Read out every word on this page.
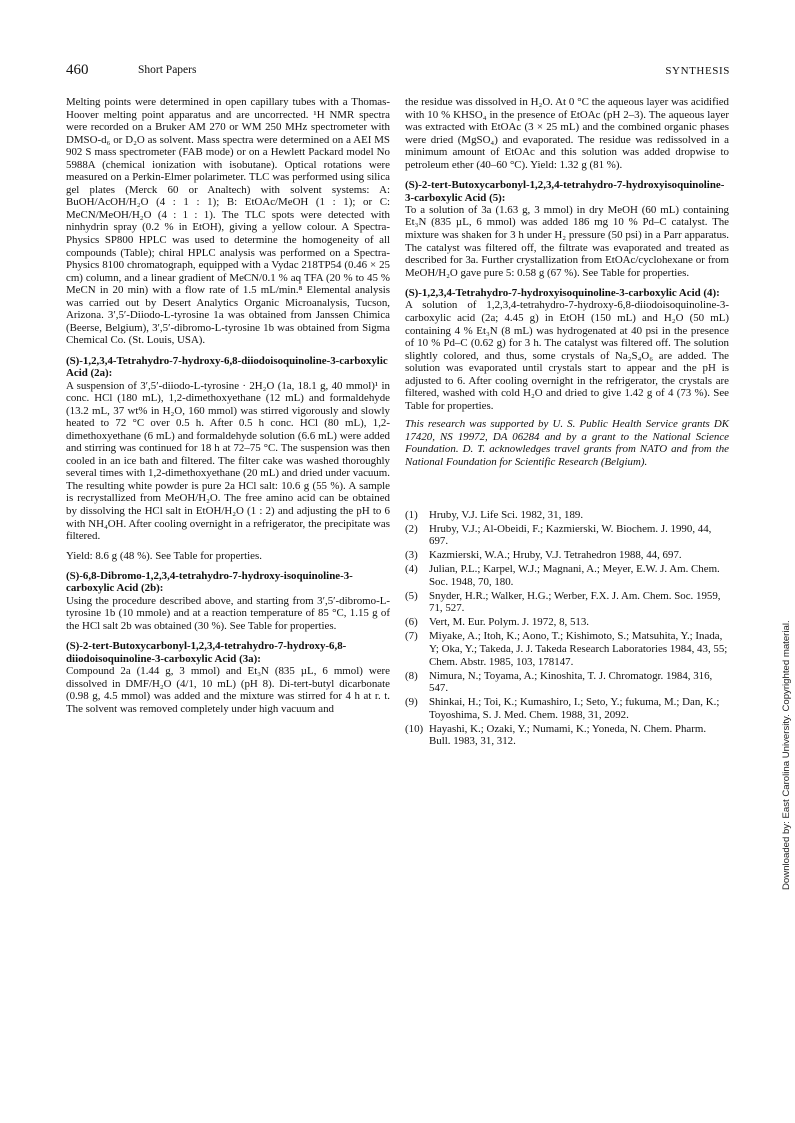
460	Short Papers	SYNTHESIS

Melting points were determined in open capillary tubes with a Thomas-Hoover melting point apparatus and are uncorrected. ¹H NMR spectra were recorded on a Bruker AM 270 or WM 250 MHz spectrometer with DMSO-d₆ or D₂O as solvent. Mass spectra were determined on a AEI MS 902 S mass spectrometer (FAB mode) or on a Hewlett Packard model No 5988A (chemical ionization with isobutane). Optical rotations were measured on a Perkin-Elmer polarimeter. TLC was performed using silica gel plates (Merck 60 or Analtech) with solvent systems: A: BuOH/AcOH/H₂O (4 : 1 : 1); B: EtOAc/MeOH (1 : 1); or C: MeCN/MeOH/H₂O (4 : 1 : 1). The TLC spots were detected with ninhydrin spray (0.2 % in EtOH), giving a yellow colour. A Spectra-Physics SP800 HPLC was used to determine the homogeneity of all compounds (Table); chiral HPLC analysis was performed on a Spectra-Physics 8100 chromatograph, equipped with a Vydac 218TP54 (0.46 × 25 cm) column, and a linear gradient of MeCN/0.1 % aq TFA (20 % to 45 % MeCN in 20 min) with a flow rate of 1.5 mL/min.⁸ Elemental analysis was carried out by Desert Analytics Organic Microanalysis, Tucson, Arizona. 3′,5′-Diiodo-L-tyrosine 1a was obtained from Janssen Chimica (Beerse, Belgium), 3′,5′-dibromo-L-tyrosine 1b was obtained from Sigma Chemical Co. (St. Louis, USA).

(S)-1,2,3,4-Tetrahydro-7-hydroxy-6,8-diiodoisoquinoline-3-carboxylic Acid (2a):

A suspension of 3′,5′-diiodo-L-tyrosine · 2H₂O (1a, 18.1 g, 40 mmol)¹ in conc. HCl (180 mL), 1,2-dimethoxyethane (12 mL) and formaldehyde (13.2 mL, 37 wt% in H₂O, 160 mmol) was stirred vigorously and slowly heated to 72 °C over 0.5 h. After 0.5 h conc. HCl (80 mL), 1,2-dimethoxyethane (6 mL) and formaldehyde solution (6.6 mL) were added and stirring was continued for 18 h at 72–75 °C. The suspension was then cooled in an ice bath and filtered. The filter cake was washed thoroughly several times with 1,2-dimethoxyethane (20 mL) and dried under vacuum. The resulting white powder is pure 2a HCl salt: 10.6 g (55 %). A sample is recrystallized from MeOH/H₂O. The free amino acid can be obtained by dissolving the HCl salt in EtOH/H₂O (1 : 2) and adjusting the pH to 6 with NH₄OH. After cooling overnight in a refrigerator, the precipitate was filtered.

Yield: 8.6 g (48 %). See Table for properties.

(S)-6,8-Dibromo-1,2,3,4-tetrahydro-7-hydroxy-isoquinoline-3-carboxylic Acid (2b):

Using the procedure described above, and starting from 3′,5′-dibromo-L-tyrosine 1b (10 mmole) and at a reaction temperature of 85 °C, 1.15 g of the HCl salt 2b was obtained (30 %). See Table for properties.

(S)-2-tert-Butoxycarbonyl-1,2,3,4-tetrahydro-7-hydroxy-6,8-diiodoisoquinoline-3-carboxylic Acid (3a):

Compound 2a (1.44 g, 3 mmol) and Et₃N (835 µL, 6 mmol) were dissolved in DMF/H₂O (4/1, 10 mL) (pH 8). Di-tert-butyl dicarbonate (0.98 g, 4.5 mmol) was added and the mixture was stirred for 4 h at r. t. The solvent was removed completely under high vacuum and

the residue was dissolved in H₂O. At 0 °C the aqueous layer was acidified with 10 % KHSO₄ in the presence of EtOAc (pH 2–3). The aqueous layer was extracted with EtOAc (3 × 25 mL) and the combined organic phases were dried (MgSO₄) and evaporated. The residue was redissolved in a minimum amount of EtOAc and this solution was added dropwise to petroleum ether (40–60 °C). Yield: 1.32 g (81 %).

(S)-2-tert-Butoxycarbonyl-1,2,3,4-tetrahydro-7-hydroxyisoquinoline-3-carboxylic Acid (5):

To a solution of 3a (1.63 g, 3 mmol) in dry MeOH (60 mL) containing Et₃N (835 µL, 6 mmol) was added 186 mg 10 % Pd–C catalyst. The mixture was shaken for 3 h under H₂ pressure (50 psi) in a Parr apparatus. The catalyst was filtered off, the filtrate was evaporated and treated as described for 3a. Further crystallization from EtOAc/cyclohexane or from MeOH/H₂O gave pure 5: 0.58 g (67 %). See Table for properties.

(S)-1,2,3,4-Tetrahydro-7-hydroxyisoquinoline-3-carboxylic Acid (4):

A solution of 1,2,3,4-tetrahydro-7-hydroxy-6,8-diiodoisoquinoline-3-carboxylic acid (2a; 4.45 g) in EtOH (150 mL) and H₂O (50 mL) containing 4 % Et₃N (8 mL) was hydrogenated at 40 psi in the presence of 10 % Pd–C (0.62 g) for 3 h. The catalyst was filtered off. The solution slightly colored, and thus, some crystals of Na₂S₄O₆ are added. The solution was evaporated until crystals start to appear and the pH is adjusted to 6. After cooling overnight in the refrigerator, the crystals are filtered, washed with cold H₂O and dried to give 1.42 g of 4 (73 %). See Table for properties.

This research was supported by U. S. Public Health Service grants DK 17420, NS 19972, DA 06284 and by a grant to the National Science Foundation. D. T. acknowledges travel grants from NATO and from the National Foundation for Scientific Research (Belgium).

(1) Hruby, V.J. Life Sci. 1982, 31, 189.
(2) Hruby, V.J.; Al-Obeidi, F.; Kazmierski, W. Biochem. J. 1990, 44, 697.
(3) Kazmierski, W.A.; Hruby, V.J. Tetrahedron 1988, 44, 697.
(4) Julian, P.L.; Karpel, W.J.; Magnani, A.; Meyer, E.W. J. Am. Chem. Soc. 1948, 70, 180.
(5) Snyder, H.R.; Walker, H.G.; Werber, F.X. J. Am. Chem. Soc. 1959, 71, 527.
(6) Vert, M. Eur. Polym. J. 1972, 8, 513.
(7) Miyake, A.; Itoh, K.; Aono, T.; Kishimoto, S.; Matsuhita, Y.; Inada, Y; Oka, Y.; Takeda, J. J. Takeda Research Laboratories 1984, 43, 55; Chem. Abstr. 1985, 103, 178147.
(8) Nimura, N.; Toyama, A.; Kinoshita, T. J. Chromatogr. 1984, 316, 547.
(9) Shinkai, H.; Toi, K.; Kumashiro, I.; Seto, Y.; fukuma, M.; Dan, K.; Toyoshima, S. J. Med. Chem. 1988, 31, 2092.
(10) Hayashi, K.; Ozaki, Y.; Numami, K.; Yoneda, N. Chem. Pharm. Bull. 1983, 31, 312.	Downloaded by: East Carolina University. Copyrighted material.
